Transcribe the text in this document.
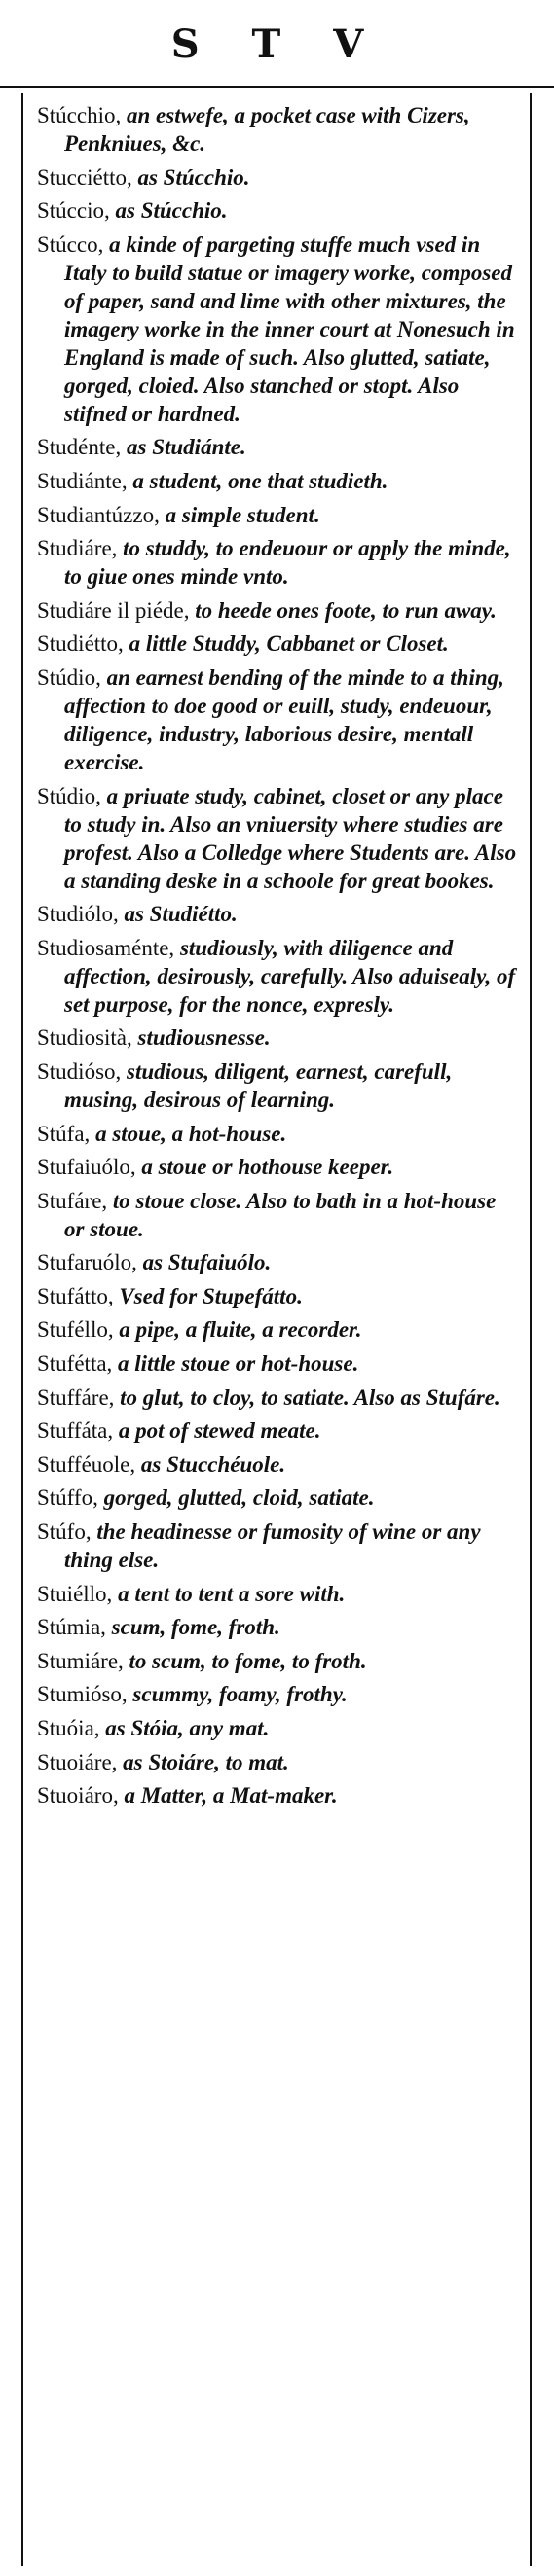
S T V

Stúcchio, an estwefe, a pocket case with Cizers, Penkniues, &c.

Stucciétto, as Stúcchio.

Stúccio, as Stúcchio.

Stúcco, a kinde of pargeting stuffe much vsed in Italy to build statue or imagery worke, composed of paper, sand and lime with other mixtures, the imagery worke in the inner court at Nonesuch in England is made of such. Also glutted, satiate, gorged, cloied. Also stanched or stopt. Also stifned or hardned.

Studénte, as Studiánte.

Studiánte, a student, one that studieth.

Studiantúzzo, a simple student.

Studiáre, to studdy, to endeuour or apply the minde, to giue ones minde vnto.

Studiáre il piéde, to heede ones foote, to run away.

Studiétto, a little Studdy, Cabbanet or Closet.

Stúdio, an earnest bending of the minde to a thing, affection to doe good or euill, study, endeuour, diligence, industry, laborious desire, mentall exercise.

Stúdio, a priuate study, cabinet, closet or any place to study in. Also an vniuersity where studies are profest. Also a Colledge where Students are. Also a standing deske in a schoole for great bookes.

Studiólo, as Studiétto.

Studiosaménte, studiously, with diligence and affection, desirously, carefully. Also aduisealy, of set purpose, for the nonce, expresly.

Studiosità, studiousnesse.

Studióso, studious, diligent, earnest, carefull, musing, desirous of learning.

Stúfa, a stoue, a hot-house.

Stufaiuólo, a stoue or hothouse keeper.

Stufáre, to stoue close. Also to bath in a hot-house or stoue.

Stufaruólo, as Stufaiuólo.

Stufátto, Vsed for Stupefátto.

Stuféllo, a pipe, a fluite, a recorder.

Stufétta, a little stoue or hot-house.

Stuffáre, to glut, to cloy, to satiate. Also as Stufáre.

Stuffáta, a pot of stewed meate.

Stufféuole, as Stucchéuole.

Stúffo, gorged, glutted, cloid, satiate.

Stúfo, the headinesse or fumosity of wine or any thing else.

Stuiéllo, a tent to tent a sore with.

Stúmia, scum, fome, froth.

Stumiáre, to scum, to fome, to froth.

Stumióso, scummy, foamy, frothy.

Stuóia, as Stóia, any mat.

Stuoiáre, as Stoiáre, to mat.

Stuoiáro, a Matter, a Mat-maker.
